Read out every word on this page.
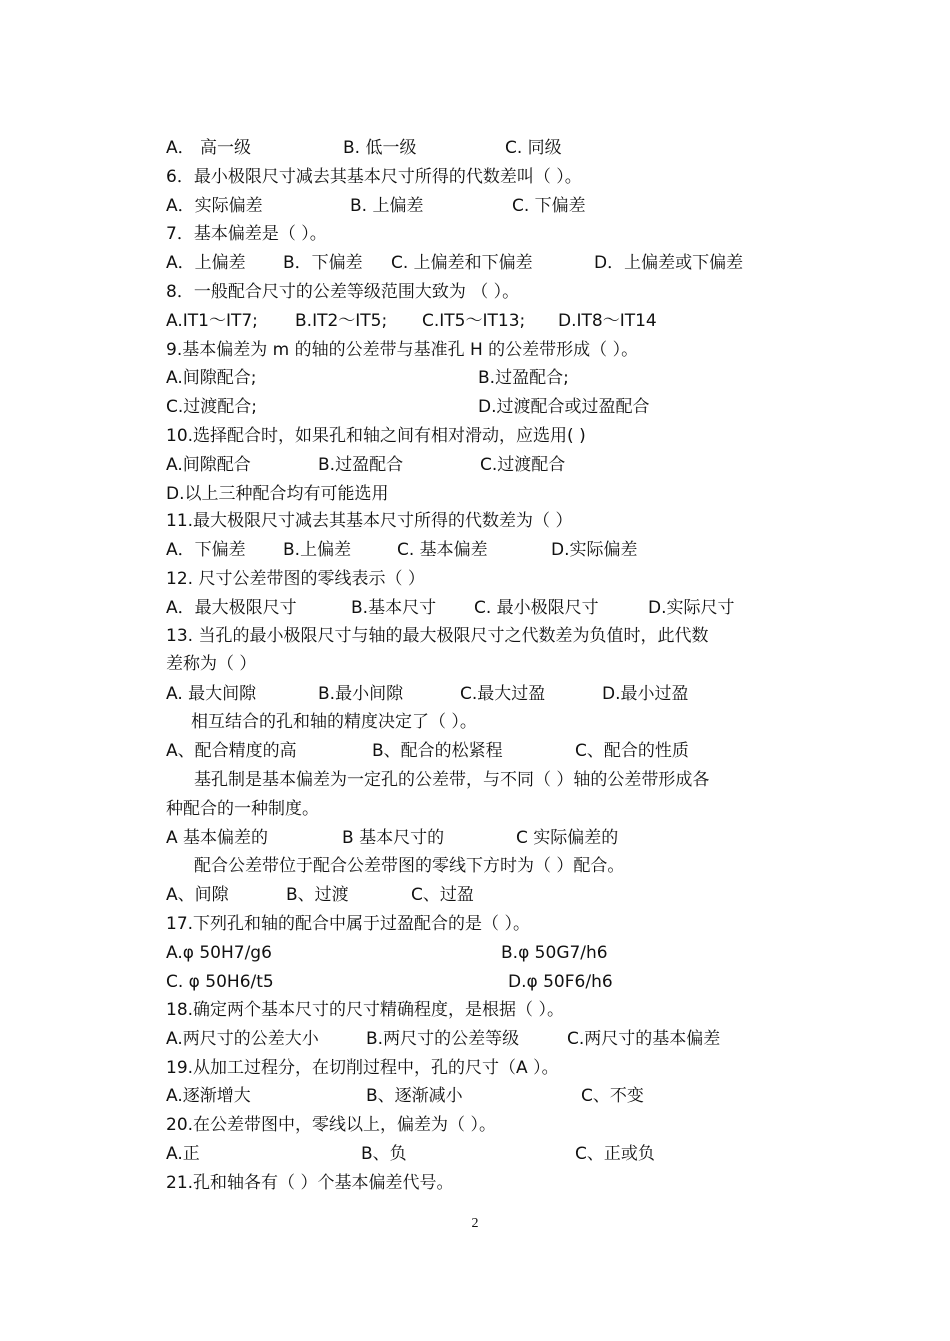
A． 高一级	B. 低一级	C. 同级
6．最小极限尺寸减去其基本尺寸所得的代数差叫（ ）。
A．实际偏差	B. 上偏差	C. 下偏差
7．基本偏差是（ ）。
A．上偏差 B．下偏差 C. 上偏差和下偏差	D．上偏差或下偏差
8．一般配合尺寸的公差等级范围大致为 （ ）。
A.IT1～IT7; B.IT2～IT5; C.IT5～IT13; D.IT8～IT14
9.基本偏差为 m 的轴的公差带与基准孔 H 的公差带形成（ ）。
A.间隙配合;	B.过盈配合;
C.过渡配合;	D.过渡配合或过盈配合
10.选择配合时，如果孔和轴之间有相对滑动，应选用( )
A.间隙配合	B.过盈配合	C.过渡配合
D.以上三种配合均有可能选用
11.最大极限尺寸减去其基本尺寸所得的代数差为（ ）
A．下偏差 B.上偏差	C. 基本偏差	D.实际偏差
12. 尺寸公差带图的零线表示（ ）
A．最大极限尺寸	B.基本尺寸 C. 最小极限尺寸	D.实际尺寸
13. 当孔的最小极限尺寸与轴的最大极限尺寸之代数差为负值时，此代数
差称为（ ）
A. 最大间隙	B.最小间隙	C.最大过盈	D.最小过盈
相互结合的孔和轴的精度决定了（ ）。
A、配合精度的高	B、配合的松紧程	C、配合的性质
基孔制是基本偏差为一定孔的公差带，与不同（ ）轴的公差带形成各
种配合的一种制度。
A 基本偏差的	B 基本尺寸的	C 实际偏差的
配合公差带位于配合公差带图的零线下方时为（ ）配合。
A、间隙	B、过渡	C、过盈
17.下列孔和轴的配合中属于过盈配合的是（ ）。
A.φ 50H7/g6	B.φ 50G7/h6
C. φ 50H6/t5	D.φ 50F6/h6
18.确定两个基本尺寸的尺寸精确程度，是根据（ ）。
A.两尺寸的公差大小	B.两尺寸的公差等级	C.两尺寸的基本偏差
19.从加工过程分，在切削过程中，孔的尺寸（A ）。
A.逐渐增大	B、逐渐减小	C、不变
20.在公差带图中，零线以上，偏差为（ ）。
A.正	B、负	C、正或负
21.孔和轴各有（ ）个基本偏差代号。
2
